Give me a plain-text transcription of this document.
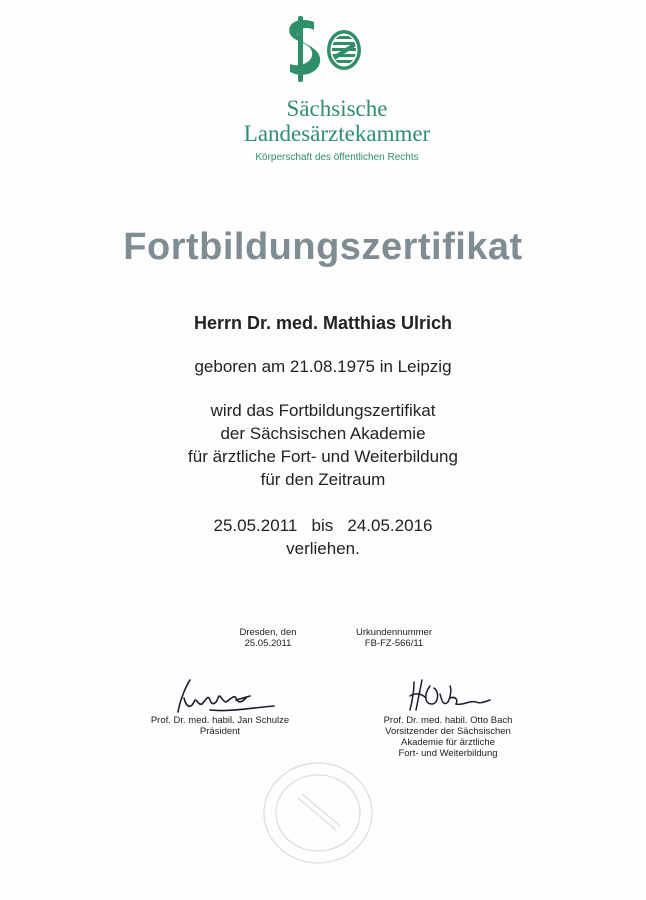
Sächsische
Landesärztekammer
Körperschaft des öffentlichen Rechts
Fortbildungszertifikat
Herrn Dr. med. Matthias Ulrich
geboren am 21.08.1975 in Leipzig
wird das Fortbildungszertifikat
der Sächsischen Akademie
für ärztliche Fort- und Weiterbildung
für den Zeitraum
25.05.2011   bis   24.05.2016
verliehen.
Dresden, den
25.05.2011
Urkundennummer
FB-FZ-566/11
Prof. Dr. med. habil. Jan Schulze
Präsident
Prof. Dr. med. habil. Otto Bach
Vorsitzender der Sächsischen
Akademie für ärztliche
Fort- und Weiterbildung
